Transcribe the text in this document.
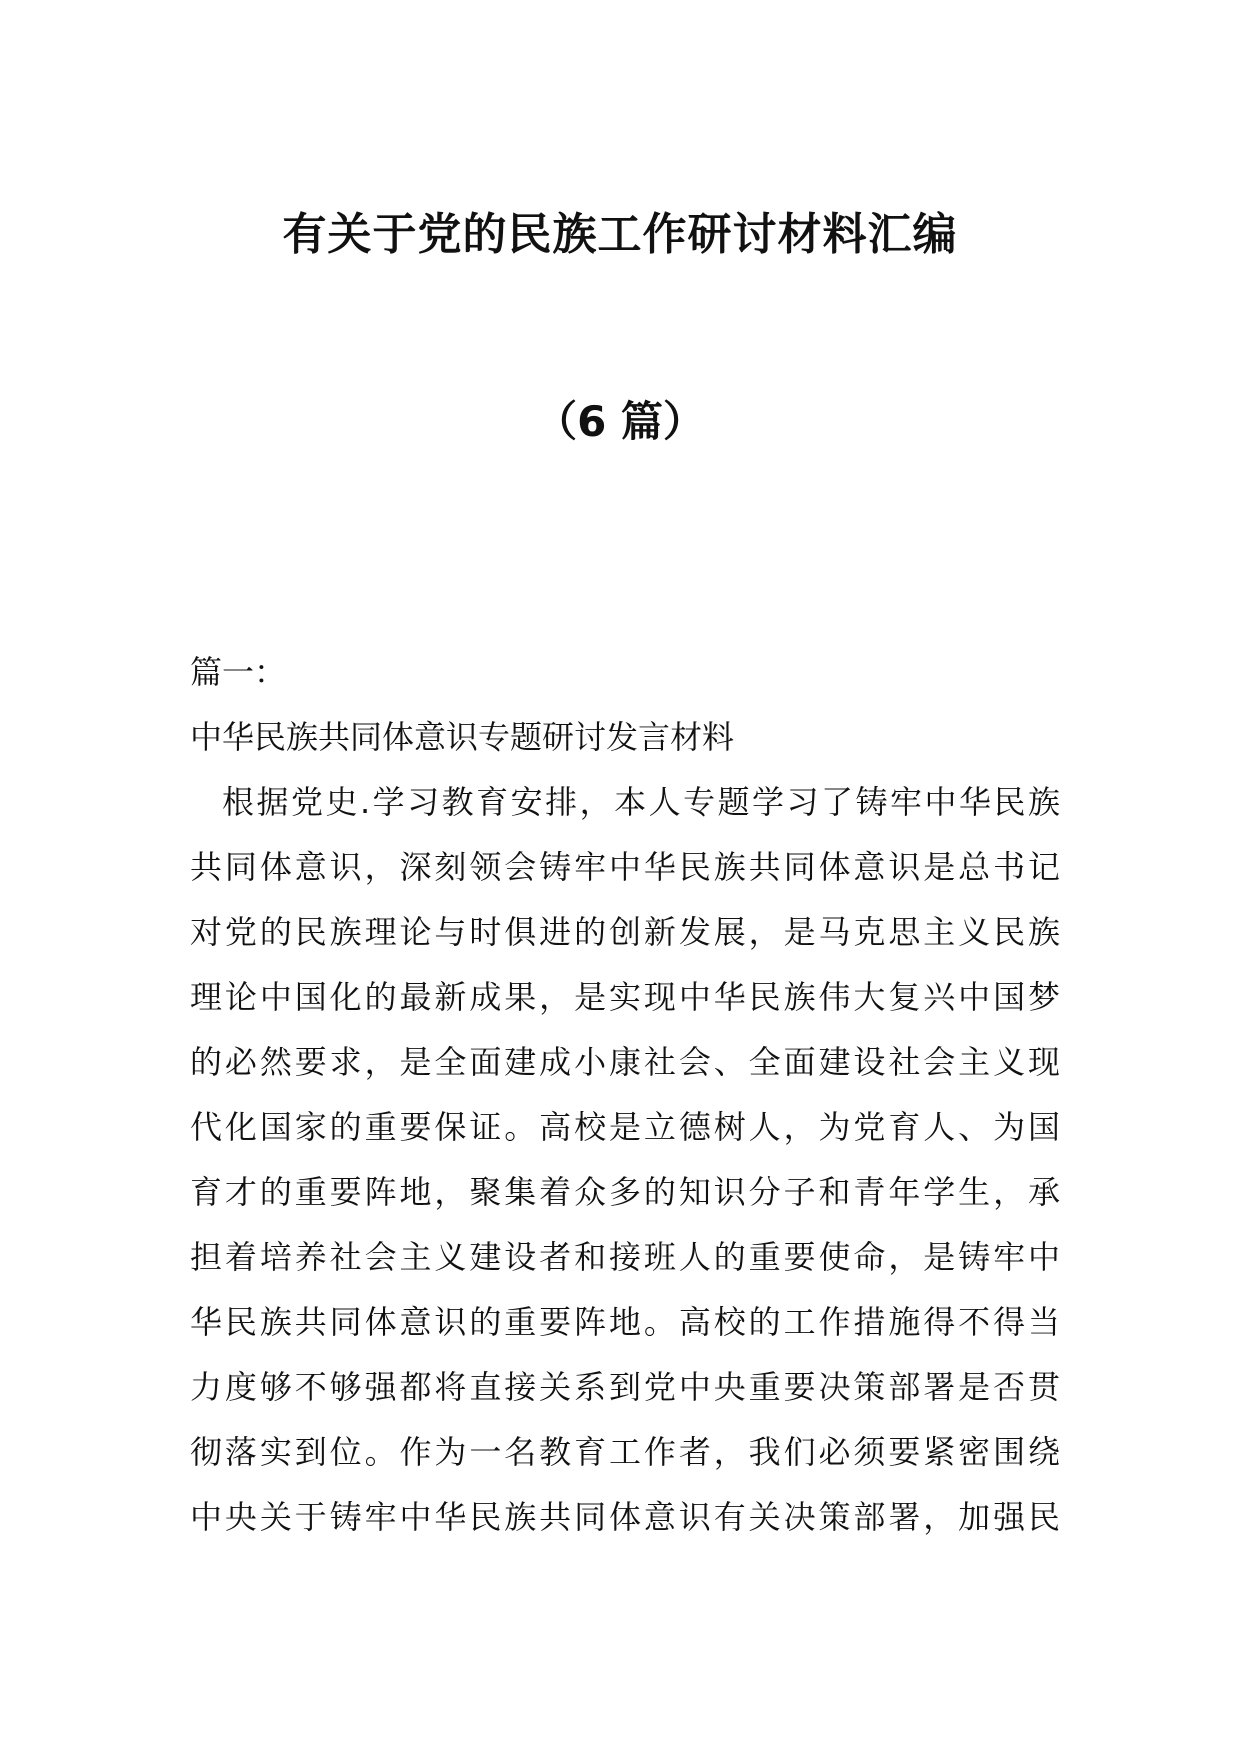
有关于党的民族工作研讨材料汇编
（6 篇）
篇一：
中华民族共同体意识专题研讨发言材料
根据党史.学习教育安排，本人专题学习了铸牢中华民族
共同体意识，深刻领会铸牢中华民族共同体意识是总书记
对党的民族理论与时俱进的创新发展，是马克思主义民族
理论中国化的最新成果，是实现中华民族伟大复兴中国梦
的必然要求，是全面建成小康社会、全面建设社会主义现
代化国家的重要保证。高校是立德树人，为党育人、为国
育才的重要阵地，聚集着众多的知识分子和青年学生，承
担着培养社会主义建设者和接班人的重要使命，是铸牢中
华民族共同体意识的重要阵地。高校的工作措施得不得当
力度够不够强都将直接关系到党中央重要决策部署是否贯
彻落实到位。作为一名教育工作者，我们必须要紧密围绕
中央关于铸牢中华民族共同体意识有关决策部署，加强民
